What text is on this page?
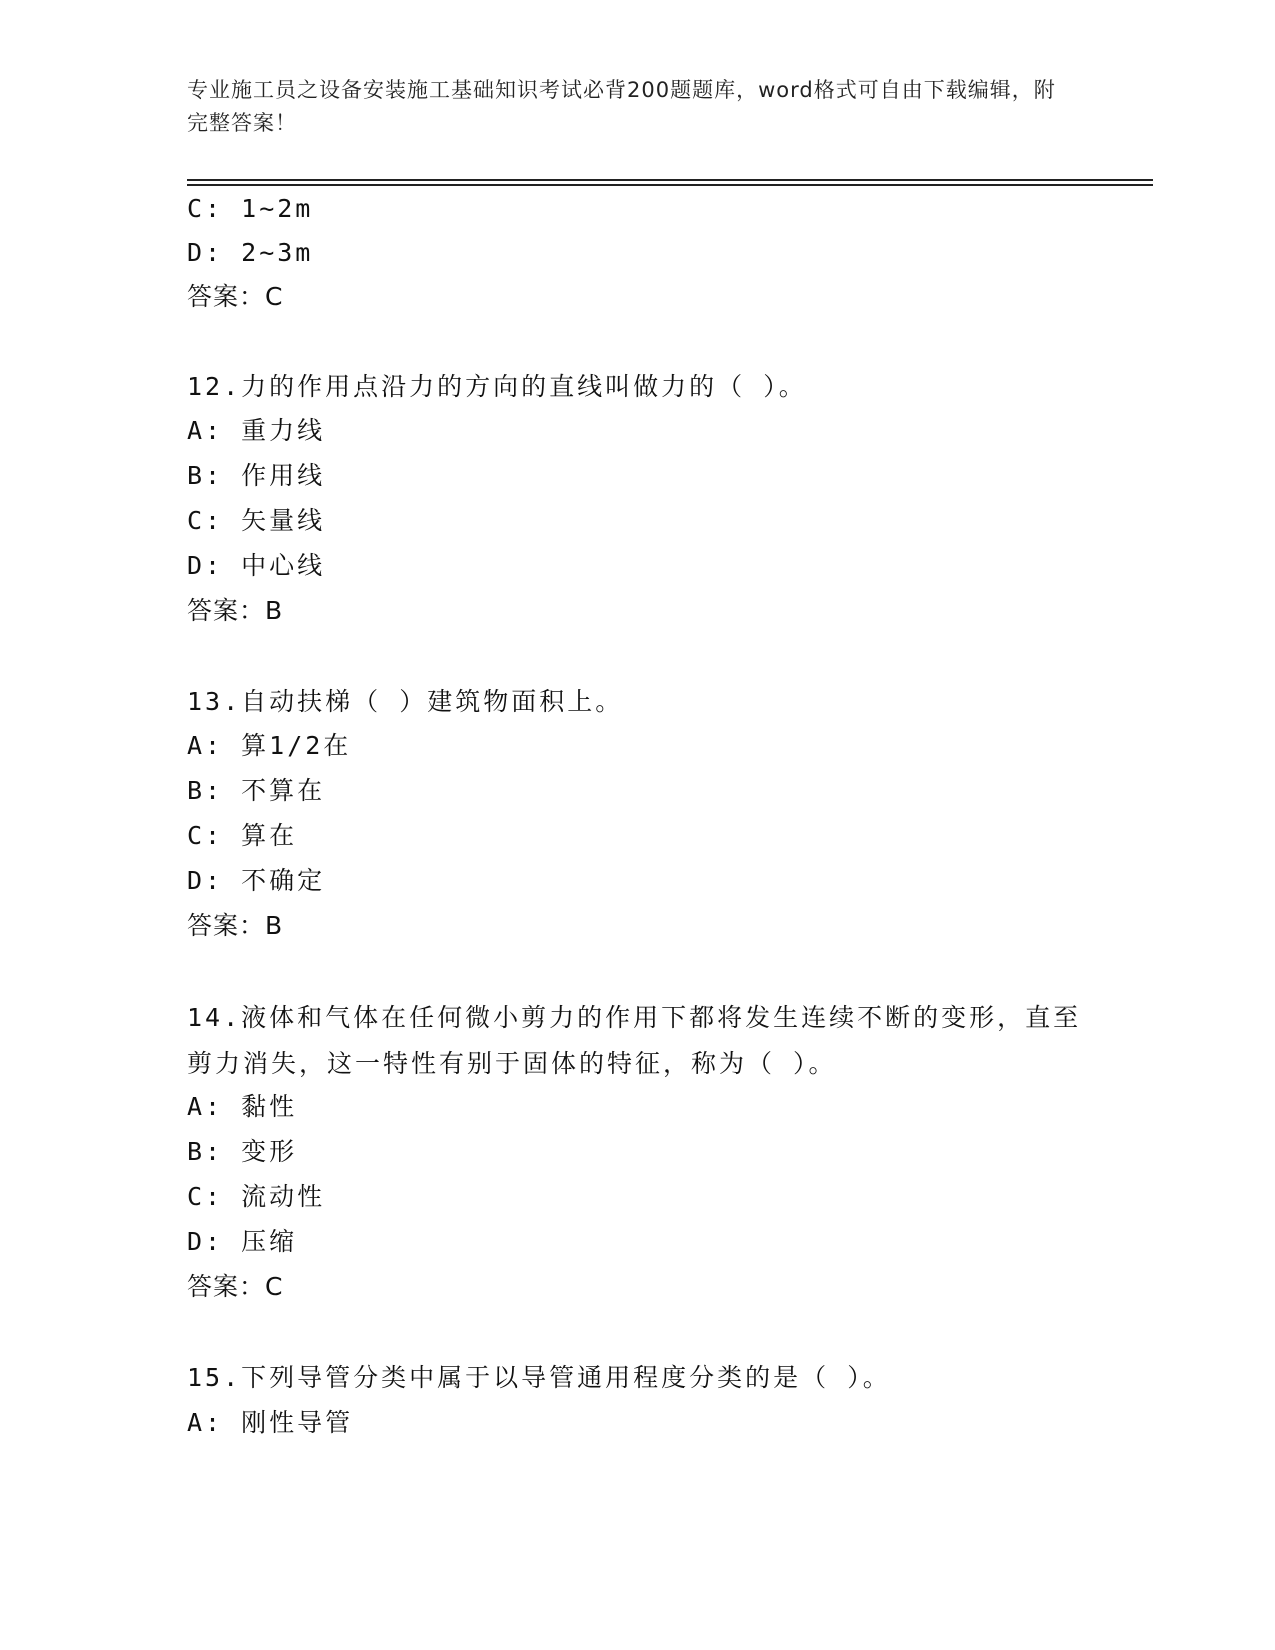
专业施工员之设备安装施工基础知识考试必背200题题库，word格式可自由下载编辑，附完整答案！
C: 1~2m
D: 2~3m
答案：C
12.力的作用点沿力的方向的直线叫做力的（ ）。
A: 重力线
B: 作用线
C: 矢量线
D: 中心线
答案：B
13.自动扶梯（ ）建筑物面积上。
A: 算1/2在
B: 不算在
C: 算在
D: 不确定
答案：B
14.液体和气体在任何微小剪力的作用下都将发生连续不断的变形，直至剪力消失，这一特性有别于固体的特征，称为（ ）。
A: 黏性
B: 变形
C: 流动性
D: 压缩
答案：C
15.下列导管分类中属于以导管通用程度分类的是（ ）。
A: 刚性导管
